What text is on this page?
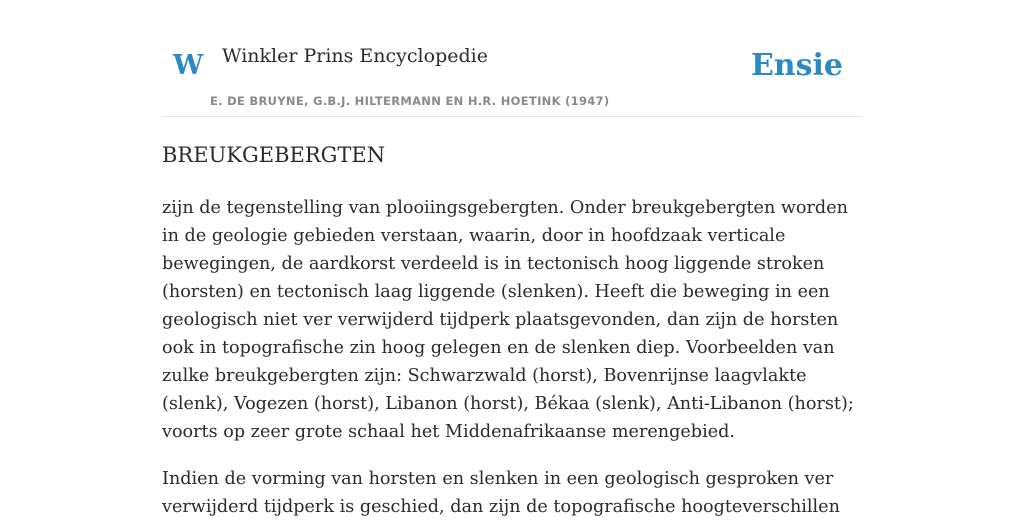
W Winkler Prins Encyclopedie
E. DE BRUYNE, G.B.J. HILTERMANN EN H.R. HOETINK (1947)
Ensie
BREUKGEBERGTEN

zijn de tegenstelling van plooiingsgebergten. Onder breukgebergten worden in de geologie gebieden verstaan, waarin, door in hoofdzaak verticale bewegingen, de aardkorst verdeeld is in tectonisch hoog liggende stroken (horsten) en tectonisch laag liggende (slenken). Heeft die beweging in een geologisch niet ver verwijderd tijdperk plaatsgevonden, dan zijn de horsten ook in topografische zin hoog gelegen en de slenken diep. Voorbeelden van zulke breukgebergten zijn: Schwarzwald (horst), Bovenrijnse laagvlakte (slenk), Vogezen (horst), Libanon (horst), Békaa (slenk), Anti-Libanon (horst); voorts op zeer grote schaal het Middenafrikaanse merengebied.

Indien de vorming van horsten en slenken in een geologisch gesproken ver verwijderd tijdperk is geschied, dan zijn de topografische hoogteverschillen
